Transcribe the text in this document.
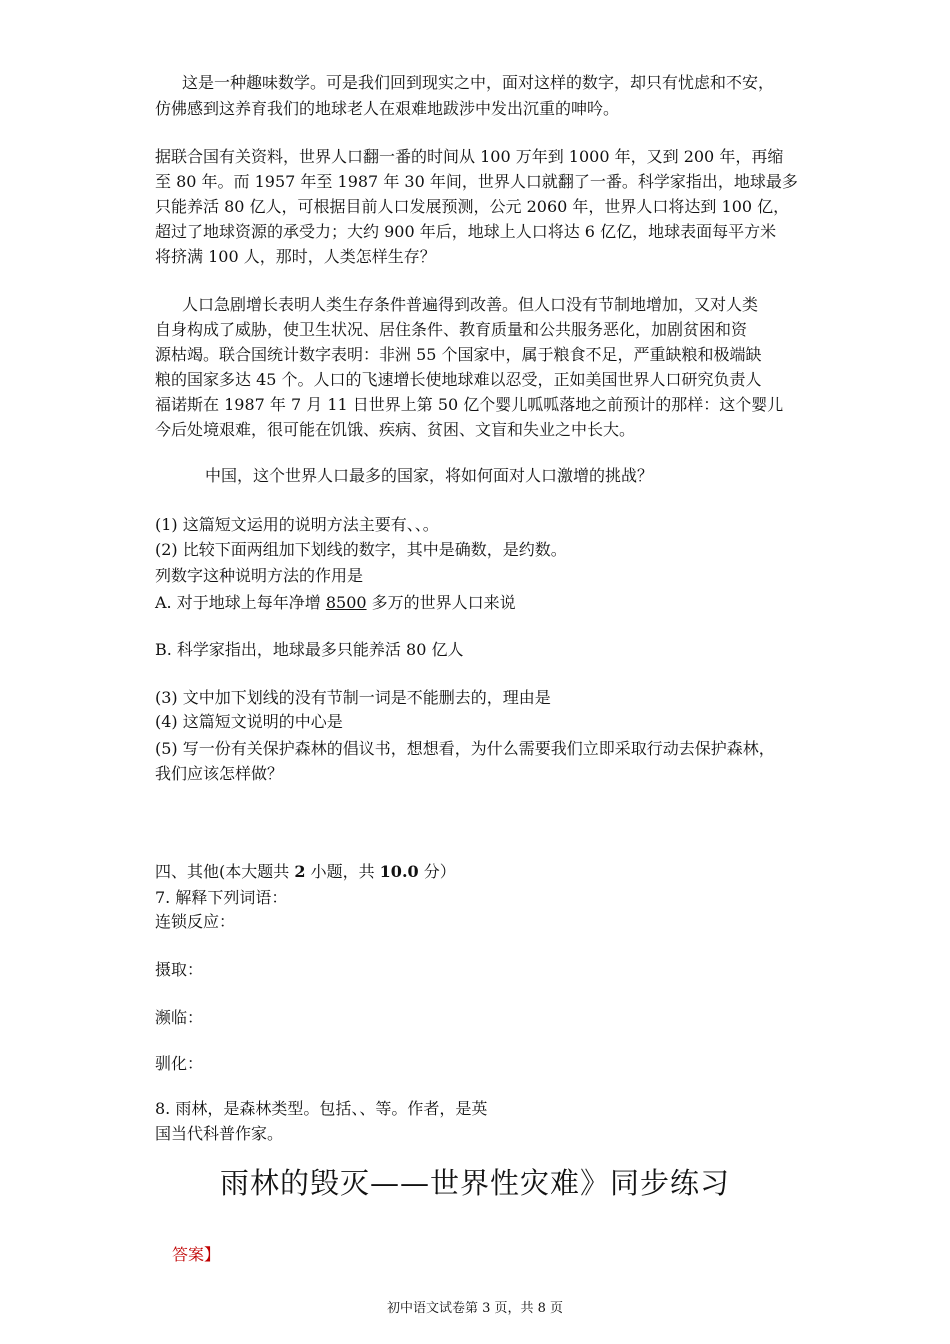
这是一种趣味数学。可是我们回到现实之中，面对这样的数字，却只有忧虑和不安，
仿佛感到这养育我们的地球老人在艰难地跋涉中发出沉重的呻吟。
据联合国有关资料，世界人口翻一番的时间从 100 万年到 1000 年，又到 200 年，再缩
至 80 年。而 1957 年至 1987 年 30 年间，世界人口就翻了一番。科学家指出，地球最多
只能养活 80 亿人，可根据目前人口发展预测，公元 2060 年，世界人口将达到 100 亿，
超过了地球资源的承受力；大约 900 年后，地球上人口将达 6 亿亿，地球表面每平方米
将挤满 100 人，那时，人类怎样生存？
人口急剧增长表明人类生存条件普遍得到改善。但人口没有节制地增加，又对人类
自身构成了威胁，使卫生状况、居住条件、教育质量和公共服务恶化，加剧贫困和资
源枯竭。联合国统计数字表明：非洲 55 个国家中，属于粮食不足，严重缺粮和极端缺
粮的国家多达 45 个。人口的飞速增长使地球难以忍受，正如美国世界人口研究负责人
福诺斯在 1987 年 7 月 11 日世界上第 50 亿个婴儿呱呱落地之前预计的那样：这个婴儿
今后处境艰难，很可能在饥饿、疾病、贫困、文盲和失业之中长大。
中国，这个世界人口最多的国家，将如何面对人口激增的挑战？
(1) 这篇短文运用的说明方法主要有、、。
(2) 比较下面两组加下划线的数字，其中是确数，是约数。
列数字这种说明方法的作用是
A. 对于地球上每年净增 8500 多万的世界人口来说
B. 科学家指出，地球最多只能养活 80 亿人
(3) 文中加下划线的没有节制一词是不能删去的，理由是
(4) 这篇短文说明的中心是
(5) 写一份有关保护森林的倡议书，想想看，为什么需要我们立即采取行动去保护森林，
我们应该怎样做？
四、其他(本大题共 2 小题，共 10.0 分）
7. 解释下列词语：
连锁反应：
摄取：
濒临：
驯化：
8. 雨林，是森林类型。包括、、等。作者，是英
国当代科普作家。
雨林的毁灭——世界性灾难》同步练习
答案】
初中语文试卷第 3 页，共 8 页
